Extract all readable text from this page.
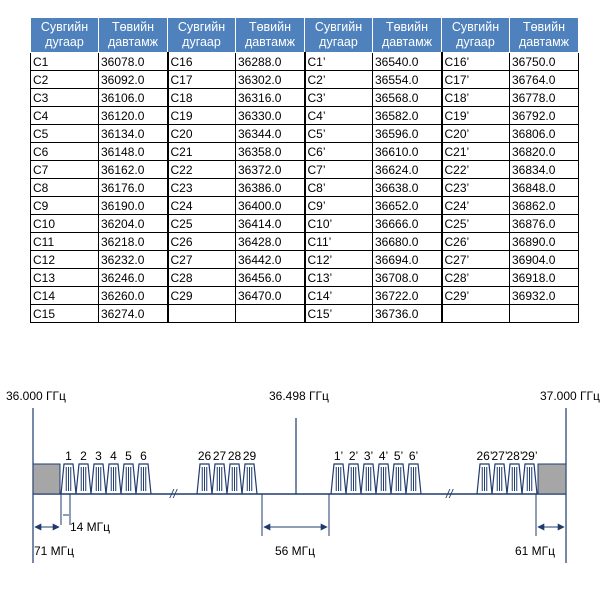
Сувгийн дугаар	Төвийн давтамж	Сувгийн дугаар	Төвийн давтамж	Сувгийн дугаар	Төвийн давтамж	Сувгийн дугаар	Төвийн давтамж
C1	36078.0	C16	36288.0	C1’	36540.0	C16’	36750.0
C2	36092.0	C17	36302.0	C2’	36554.0	C17’	36764.0
C3	36106.0	C18	36316.0	C3’	36568.0	C18’	36778.0
C4	36120.0	C19	36330.0	C4’	36582.0	C19’	36792.0
C5	36134.0	C20	36344.0	C5’	36596.0	C20’	36806.0
C6	36148.0	C21	36358.0	C6’	36610.0	C21’	36820.0
C7	36162.0	C22	36372.0	C7’	36624.0	C22’	36834.0
C8	36176.0	C23	36386.0	C8’	36638.0	C23’	36848.0
C9	36190.0	C24	36400.0	C9’	36652.0	C24’	36862.0
C10	36204.0	C25	36414.0	C10’	36666.0	C25’	36876.0
C11	36218.0	C26	36428.0	C11’	36680.0	C26’	36890.0
C12	36232.0	C27	36442.0	C12’	36694.0	C27’	36904.0
C13	36246.0	C28	36456.0	C13’	36708.0	C28’	36918.0
C14	36260.0	C29	36470.0	C14’	36722.0	C29’	36932.0
C15	36274.0			C15’	36736.0		
36.000 ГГц	36.498 ГГц	37.000 ГГц
1 2 3 4 5 6	26 27 28 29	1’ 2’ 3’ 4’ 5’ 6’	26’
27’
28’
29’
//	//
14 МГц
71 МГц	56 МГц	61 МГц
